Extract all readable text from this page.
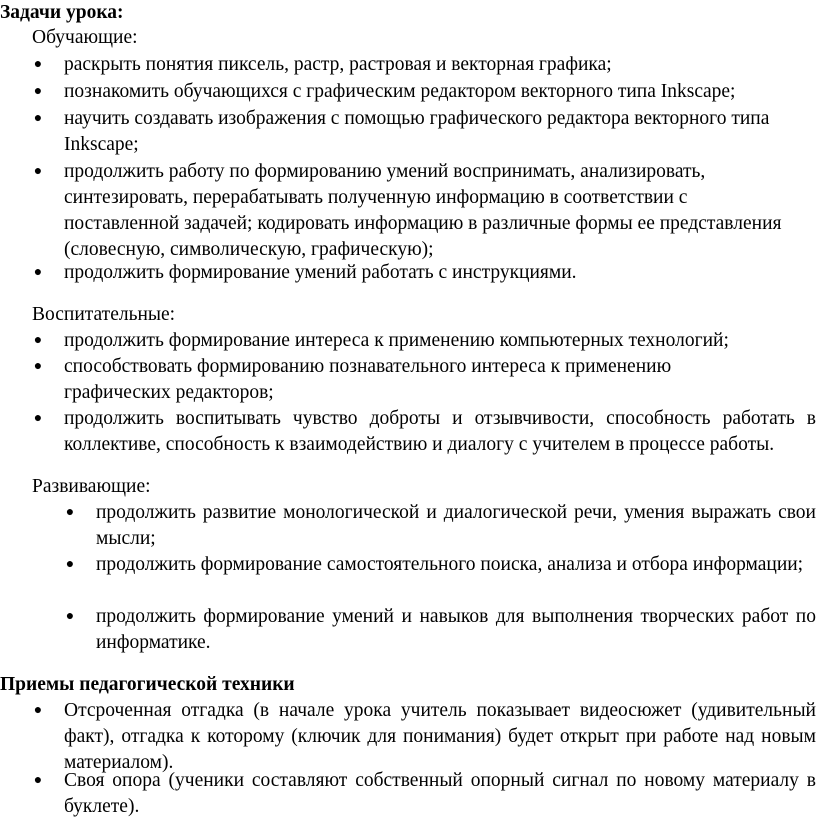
Задачи урока:
Обучающие:
● раскрыть понятия пиксель, растр, растровая и векторная графика;
● познакомить обучающихся с графическим редактором векторного типа Inkscape;
● научить создавать изображения с помощью графического редактора векторного типа Inkscape;
● продолжить работу по формированию умений воспринимать, анализировать, синтезировать, перерабатывать полученную информацию в соответствии с поставленной задачей; кодировать информацию в различные формы ее представления (словесную, символическую, графическую);
● продолжить формирование умений работать с инструкциями.
Воспитательные:
● продолжить формирование интереса к применению компьютерных технологий;
● способствовать формированию познавательного интереса к применению графических редакторов;
● продолжить воспитывать чувство доброты и отзывчивости, способность работать в коллективе, способность к взаимодействию и диалогу с учителем в процессе работы.
Развивающие:
● продолжить развитие монологической и диалогической речи, умения выражать свои мысли;
● продолжить формирование самостоятельного поиска, анализа и отбора информации;
● продолжить формирование умений и навыков для выполнения творческих работ по информатике.
Приемы педагогической техники
● Отсроченная отгадка (в начале урока учитель показывает видеосюжет (удивительный факт), отгадка к которому (ключик для понимания) будет открыт при работе над новым материалом).
● Своя опора (ученики составляют собственный опорный сигнал по новому материалу в буклете).
